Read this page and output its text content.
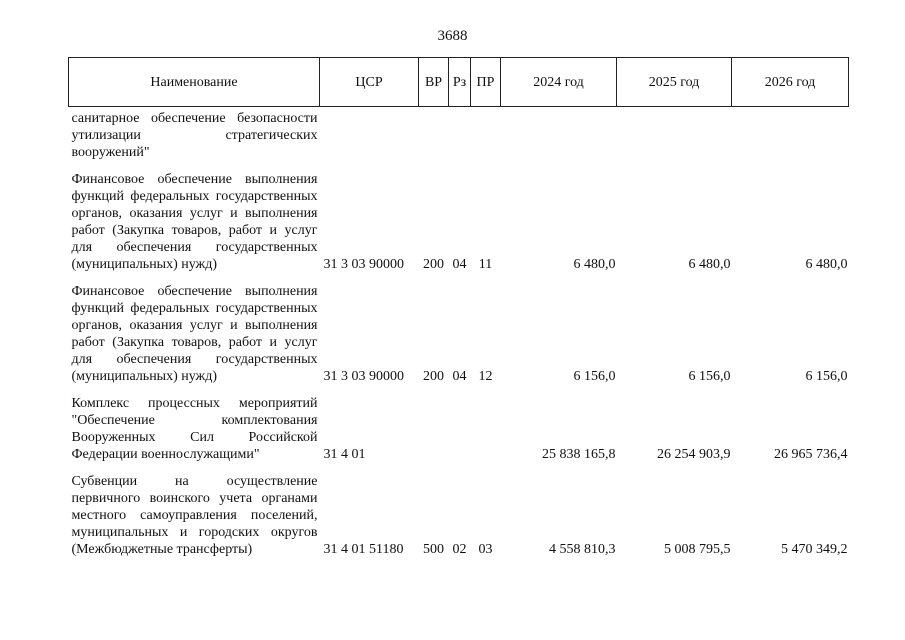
3688
Наименование	ЦСР	ВР	Рз	ПР	2024 год	2025 год	2026 год
санитарное обеспечение безопасности утилизации стратегических вооружений"							
Финансовое обеспечение выполнения функций федеральных государственных органов, оказания услуг и выполнения работ (Закупка товаров, работ и услуг для обеспечения государственных (муниципальных) нужд)	31 3 03 90000	200	04	11	6 480,0	6 480,0	6 480,0
Финансовое обеспечение выполнения функций федеральных государственных органов, оказания услуг и выполнения работ (Закупка товаров, работ и услуг для обеспечения государственных (муниципальных) нужд)	31 3 03 90000	200	04	12	6 156,0	6 156,0	6 156,0
Комплекс процессных мероприятий "Обеспечение комплектования Вооруженных Сил Российской Федерации военнослужащими"	31 4 01				25 838 165,8	26 254 903,9	26 965 736,4
Субвенции на осуществление первичного воинского учета органами местного самоуправления поселений, муниципальных и городских округов (Межбюджетные трансферты)	31 4 01 51180	500	02	03	4 558 810,3	5 008 795,5	5 470 349,2
